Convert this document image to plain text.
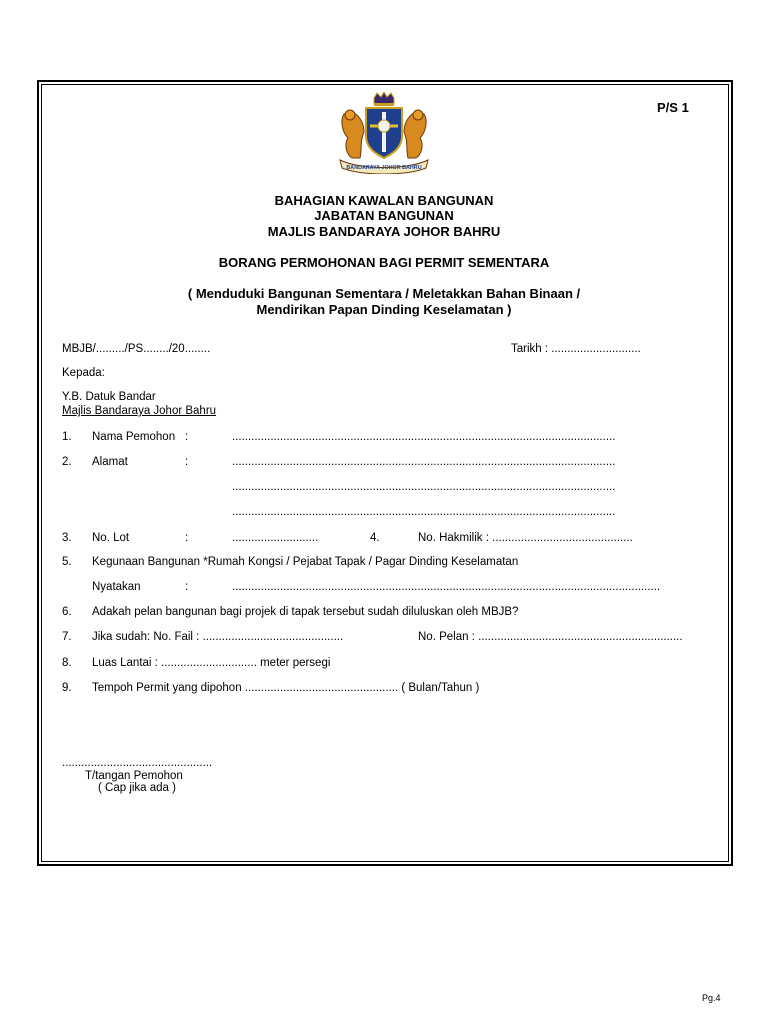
P/S 1
BANDARAYA JOHOR BAHRU
BAHAGIAN KAWALAN BANGUNAN
JABATAN BANGUNAN
MAJLIS BANDARAYA JOHOR BAHRU
BORANG PERMOHONAN BAGI PERMIT SEMENTARA
( Menduduki Bangunan Sementara / Meletakkan Bahan Binaan /
Mendirikan Papan Dinding Keselamatan )
MBJB/........./PS......../20........	Tarikh : ............................
Kepada:
Y.B. Datuk Bandar
Majlis Bandaraya Johor Bahru
1. Nama Pemohon :	........................................................................................................................
2. Alamat	:	........................................................................................................................
........................................................................................................................
........................................................................................................................
3. No. Lot	:	...........................	4.	No. Hakmilik : ............................................
5. Kegunaan Bangunan *Rumah Kongsi / Pejabat Tapak / Pagar Dinding Keselamatan
Nyatakan	:	......................................................................................................................................
6. Adakah pelan bangunan bagi projek di tapak tersebut sudah diluluskan oleh MBJB?
7. Jika sudah: No. Fail : ............................................	No. Pelan : ................................................................
8. Luas Lantai : .............................. meter persegi
9. Tempoh Permit yang dipohon ................................................ ( Bulan/Tahun )
...............................................
T/tangan Pemohon
( Cap jika ada )
Pg.4
